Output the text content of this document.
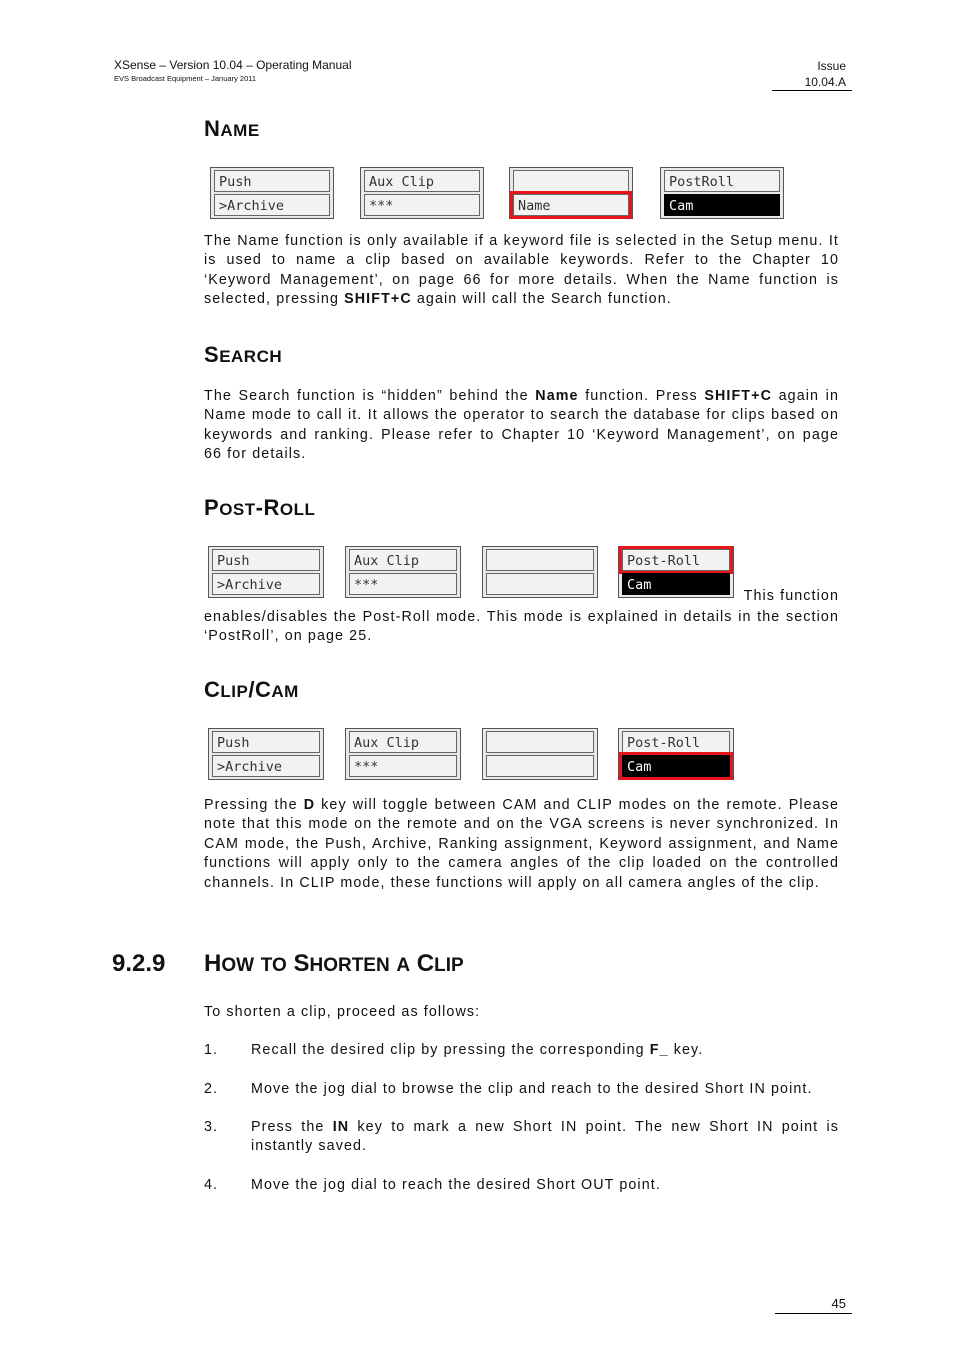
XSense – Version 10.04 – Operating Manual
EVS Broadcast Equipment – January 2011
Issue
10.04.A
NAME
Push
>Archive
Aux Clip
***	Name
PostRoll
Cam

The Name function is only available if a keyword file is selected in the Setup menu. It is used to name a clip based on available keywords. Refer to the Chapter 10 ‘Keyword Management’, on page 66 for more details. When the Name function is selected, pressing SHIFT+C again will call the Search function.

SEARCH

The Search function is “hidden” behind the Name function. Press SHIFT+C again in Name mode to call it. It allows the operator to search the database for clips based on keywords and ranking. Please refer to Chapter 10 ‘Keyword Management’, on page 66 for details.

POST-ROLL
Push
>Archive
Aux Clip
***
Post-Roll
Cam
This function

enables/disables the Post-Roll mode. This mode is explained in details in the section ‘PostRoll’, on page 25.

CLIP/CAM
Push
>Archive
Aux Clip
***
Post-Roll
Cam

Pressing the D key will toggle between CAM and CLIP modes on the remote. Please note that this mode on the remote and on the VGA screens is never synchronized. In CAM mode, the Push, Archive, Ranking assignment, Keyword assignment, and Name functions will apply only to the camera angles of the clip loaded on the controlled channels. In CLIP mode, these functions will apply on all camera angles of the clip.

9.2.9 HOW TO SHORTEN A CLIP

To shorten a clip, proceed as follows:

1. Recall the desired clip by pressing the corresponding F_ key.
2. Move the jog dial to browse the clip and reach to the desired Short IN point.
3. Press the IN key to mark a new Short IN point. The new Short IN point is instantly saved.
4. Move the jog dial to reach the desired Short OUT point.
45
